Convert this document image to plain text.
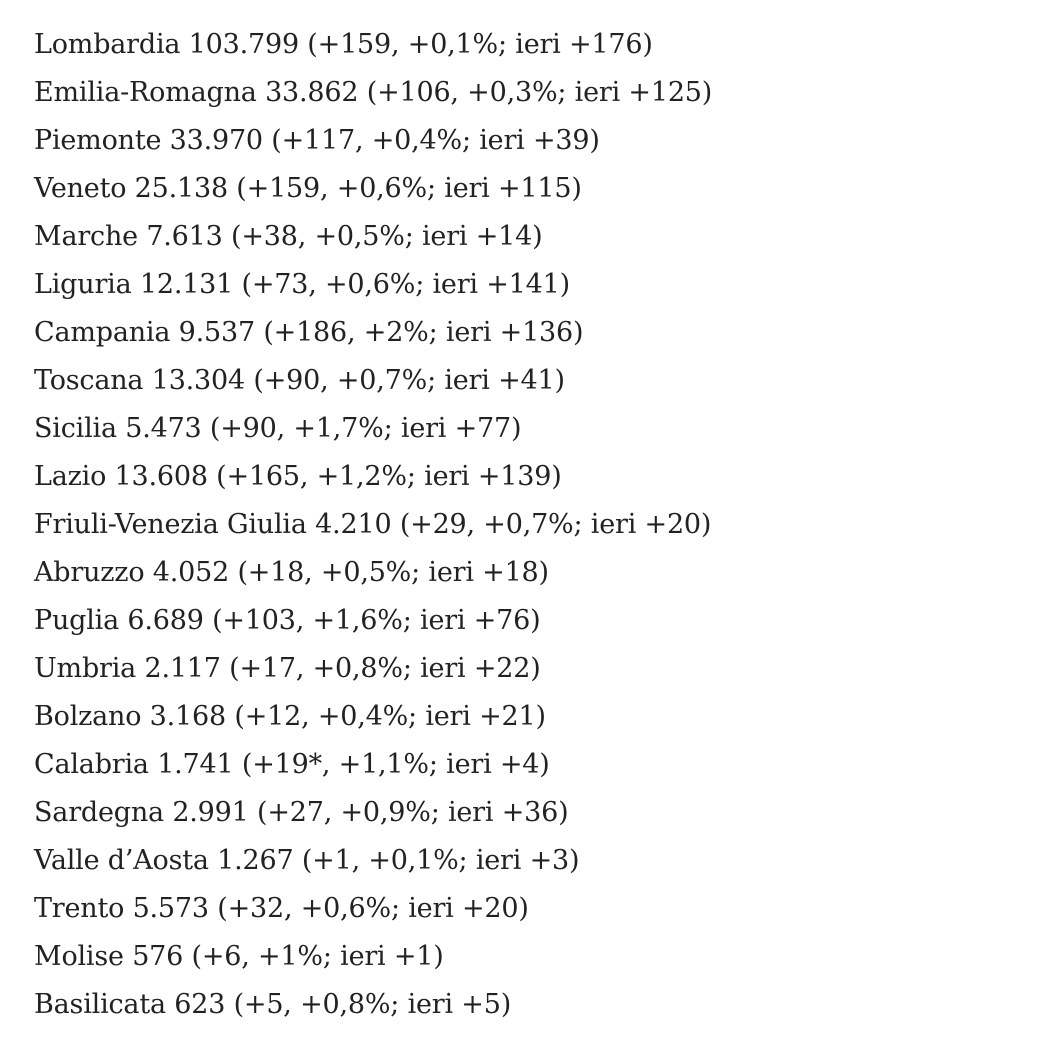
Lombardia 103.799 (+159, +0,1%; ieri +176)
Emilia-Romagna 33.862 (+106, +0,3%; ieri +125)
Piemonte 33.970 (+117, +0,4%; ieri +39)
Veneto 25.138 (+159, +0,6%; ieri +115)
Marche 7.613 (+38, +0,5%; ieri +14)
Liguria 12.131 (+73, +0,6%; ieri +141)
Campania 9.537 (+186, +2%; ieri +136)
Toscana 13.304 (+90, +0,7%; ieri +41)
Sicilia 5.473 (+90, +1,7%; ieri +77)
Lazio 13.608 (+165, +1,2%; ieri +139)
Friuli-Venezia Giulia 4.210 (+29, +0,7%; ieri +20)
Abruzzo 4.052 (+18, +0,5%; ieri +18)
Puglia 6.689 (+103, +1,6%; ieri +76)
Umbria 2.117 (+17, +0,8%; ieri +22)
Bolzano 3.168 (+12, +0,4%; ieri +21)
Calabria 1.741 (+19*, +1,1%; ieri +4)
Sardegna 2.991 (+27, +0,9%; ieri +36)
Valle d’Aosta 1.267 (+1, +0,1%; ieri +3)
Trento 5.573 (+32, +0,6%; ieri +20)
Molise 576 (+6, +1%; ieri +1)
Basilicata 623 (+5, +0,8%; ieri +5)
